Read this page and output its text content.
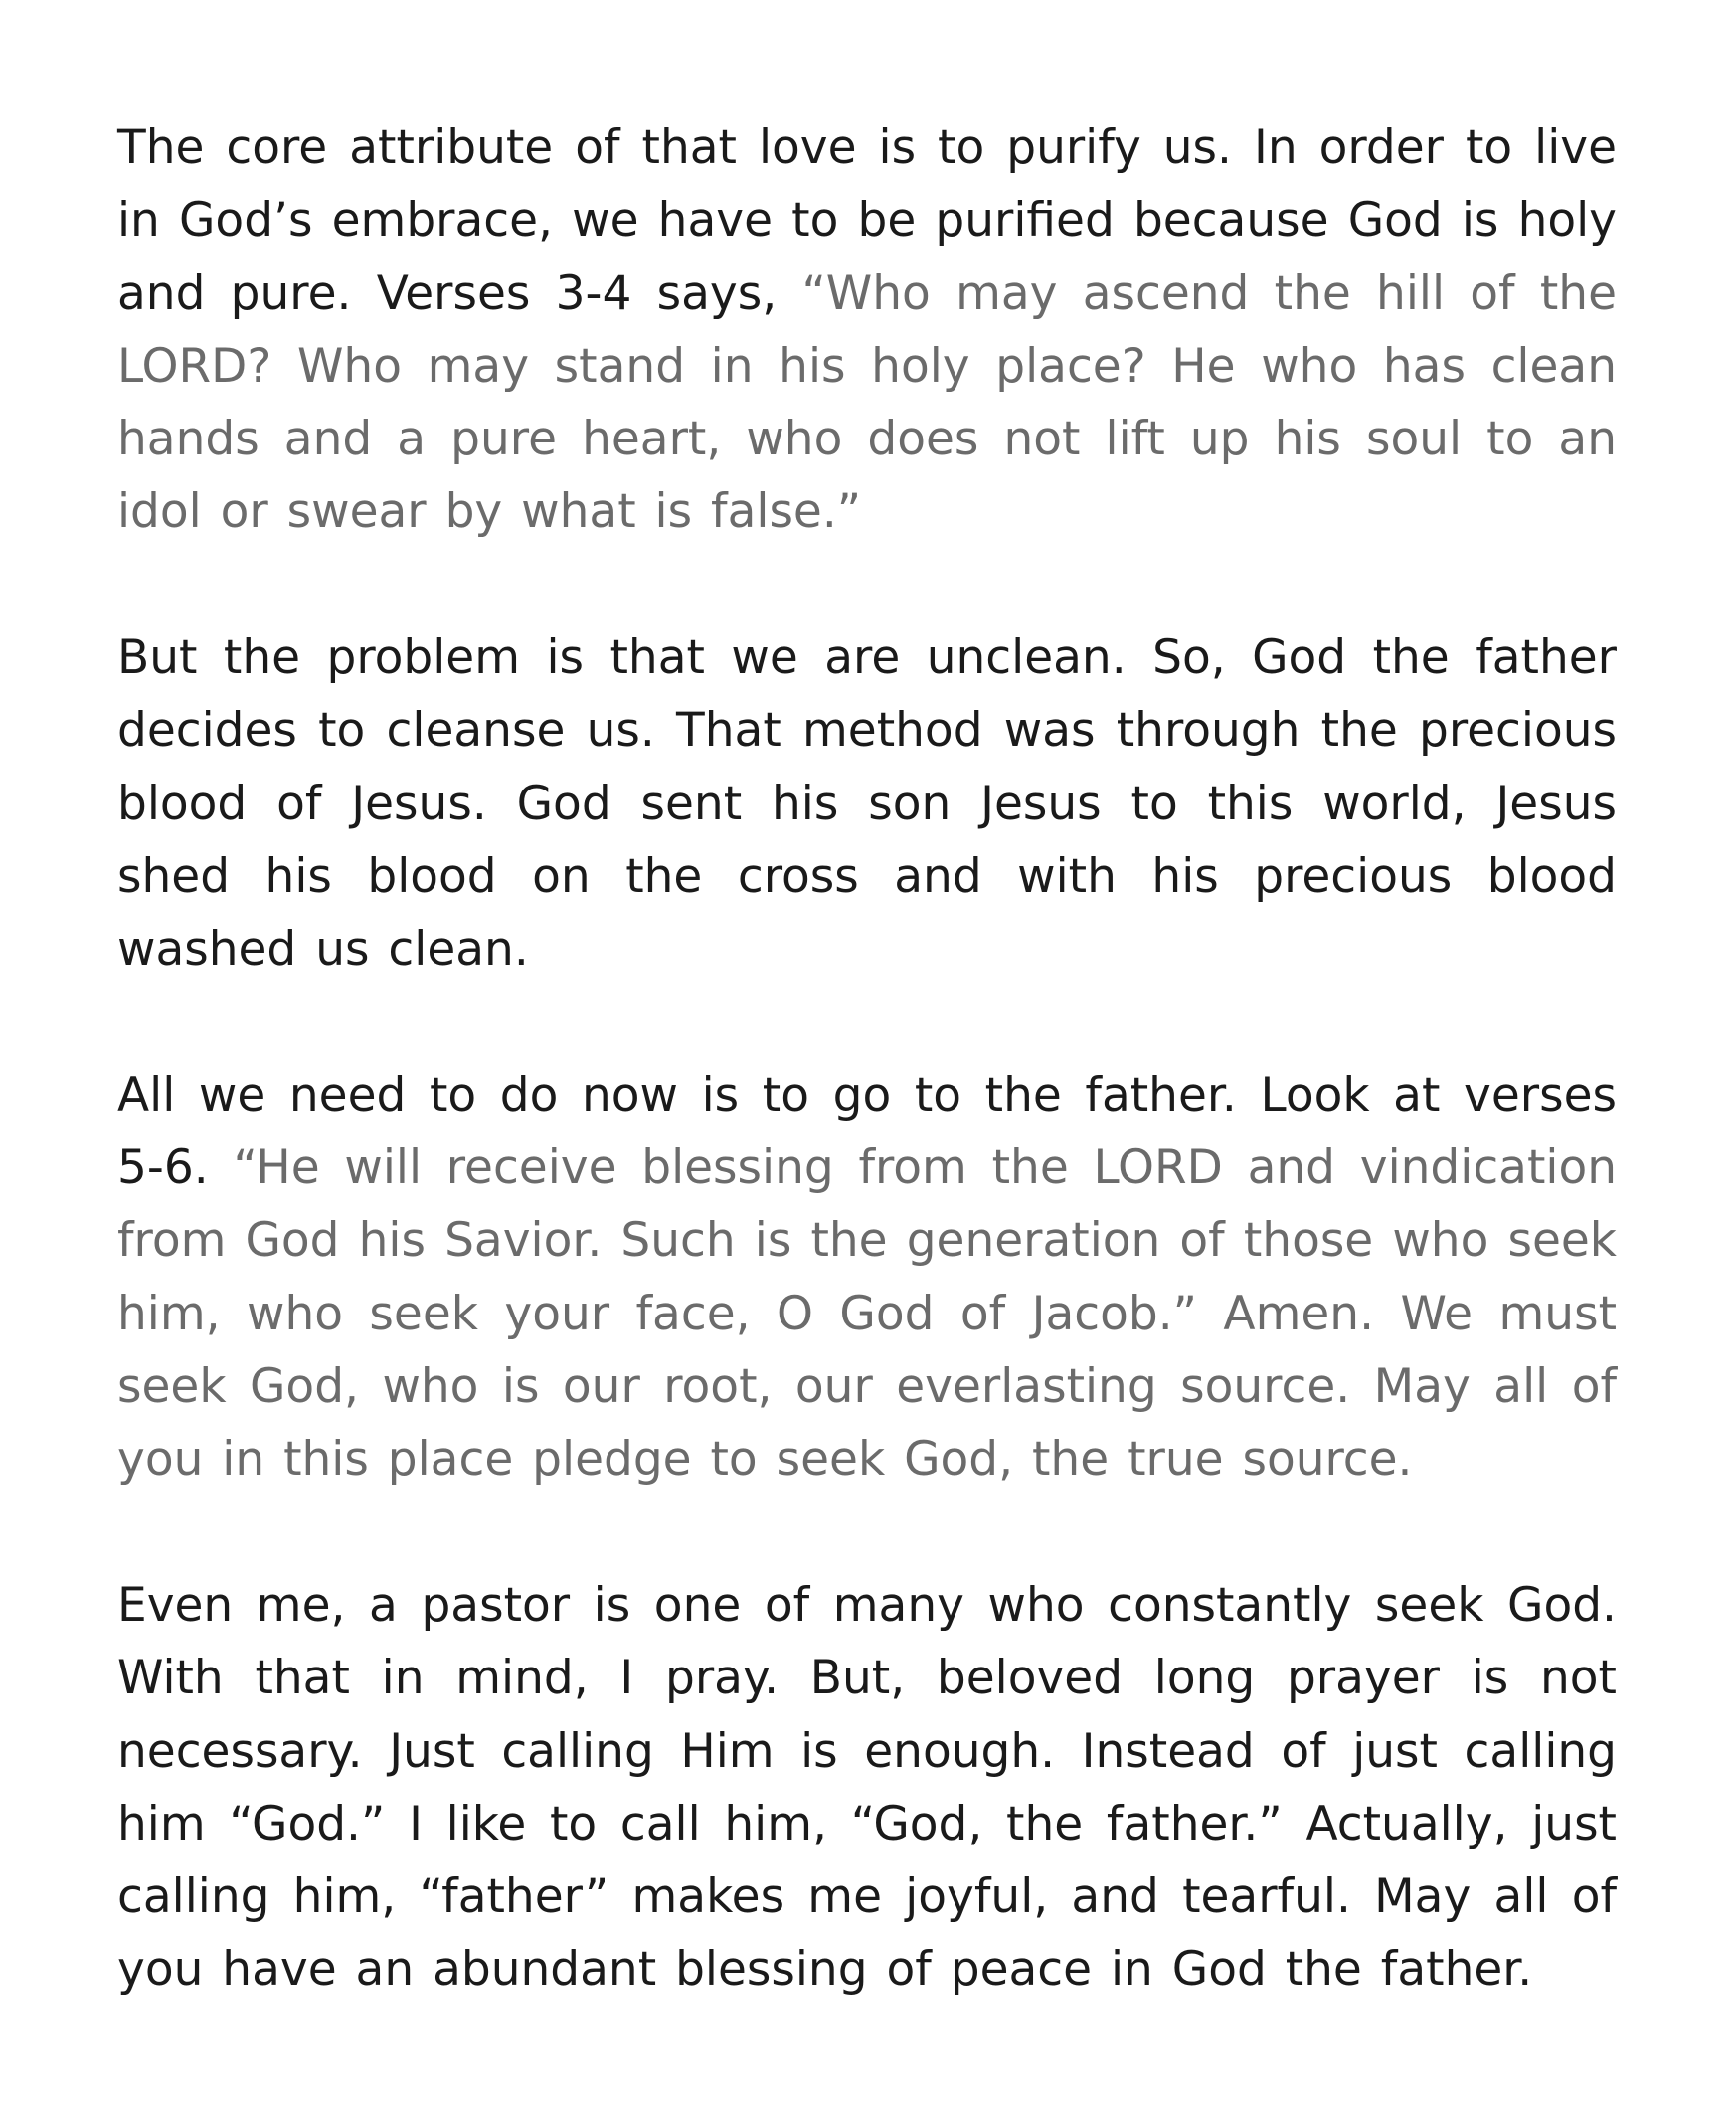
The core attribute of that love is to purify us. In order to live in God’s embrace, we have to be purified because God is holy and pure. Verses 3-4 says, “Who may ascend the hill of the LORD? Who may stand in his holy place? He who has clean hands and a pure heart, who does not lift up his soul to an idol or swear by what is false.”

But the problem is that we are unclean. So, God the father decides to cleanse us. That method was through the precious blood of Jesus. God sent his son Jesus to this world, Jesus shed his blood on the cross and with his precious blood washed us clean.

All we need to do now is to go to the father. Look at verses 5-6. “He will receive blessing from the LORD and vindication from God his Savior. Such is the generation of those who seek him, who seek your face, O God of Jacob.” Amen. We must seek God, who is our root, our everlasting source. May all of you in this place pledge to seek God, the true source.

Even me, a pastor is one of many who constantly seek God. With that in mind, I pray. But, beloved long prayer is not necessary. Just calling Him is enough. Instead of just calling him “God.” I like to call him, “God, the father.” Actually, just calling him, “father” makes me joyful, and tearful. May all of you have an abundant blessing of peace in God the father.
